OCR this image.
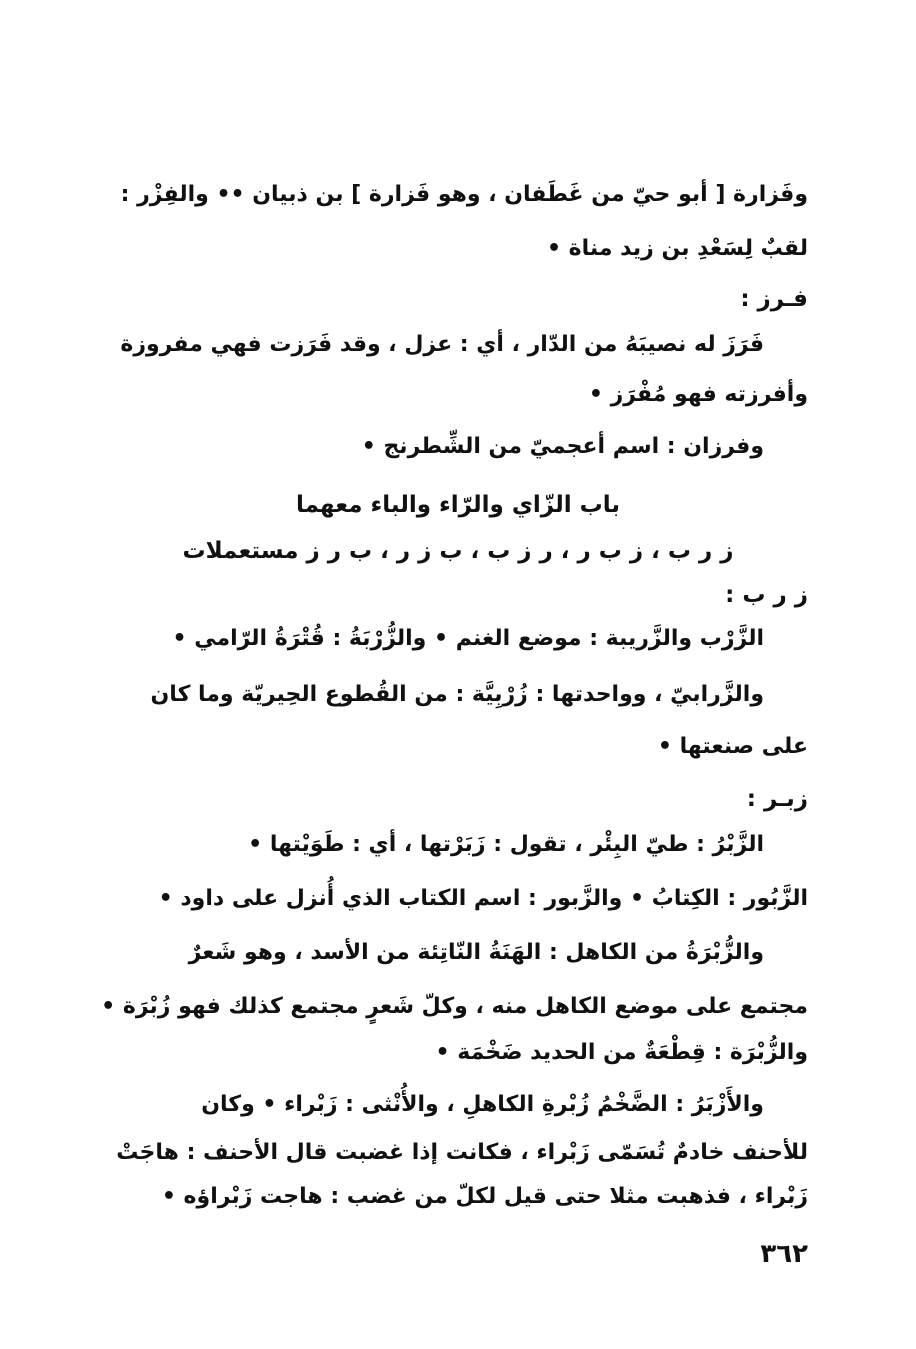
وفَزارة [ أبو حيّ من غَطَفان ، وهو فَزارة ] بن ذبيان •• والفِزْر :
لقبٌ لِسَعْدِ بن زيد مناة •
فـرز :
فَرَزَ له نصيبَهُ من الدّار ، أي : عزل ، وقد فَرَزت فهي مفروزة
وأفرزته فهو مُفْرَز •
وفرزان : اسم أعجميّ من الشِّطرنج •
باب الزّاي والرّاء والباء معهما
ز ر ب ، ز ب ر ، ر ز ب ، ب ز ر ، ب ر ز مستعملات
ز ر ب :
الزَّرْب والزَّريبة : موضع الغنم • والزُّرْبَةُ : قُتْرَةُ الرّامي •
والزَّرابيّ ، وواحدتها : زُرْبِيَّة : من القُطوع الحِيريّة وما كان
على صنعتها •
زبـر :
الزَّبْرُ : طيّ البِئْر ، تقول : زَبَرْتها ، أي : طَوَيْتها •
الزَّبُور : الكِتابُ • والزَّبور : اسم الكتاب الذي أُنزل على داود •
والزُّبْرَةُ من الكاهل : الهَنَةُ النّاتِئة من الأسد ، وهو شَعرٌ
مجتمع على موضع الكاهل منه ، وكلّ شَعرٍ مجتمع كذلك فهو زُبْرَة •
والزُّبْرَة : قِطْعَةٌ من الحديد ضَخْمَة •
والأَزْبَرُ : الضَّخْمُ زُبْرةِ الكاهلِ ، والأُنْثى : زَبْراء • وكان
للأحنف خادمٌ تُسَمّى زَبْراء ، فكانت إذا غضبت قال الأحنف : هاجَتْ
زَبْراء ، فذهبت مثلا حتى قيل لكلّ من غضب : هاجت زَبْراؤه •
٣٦٢
